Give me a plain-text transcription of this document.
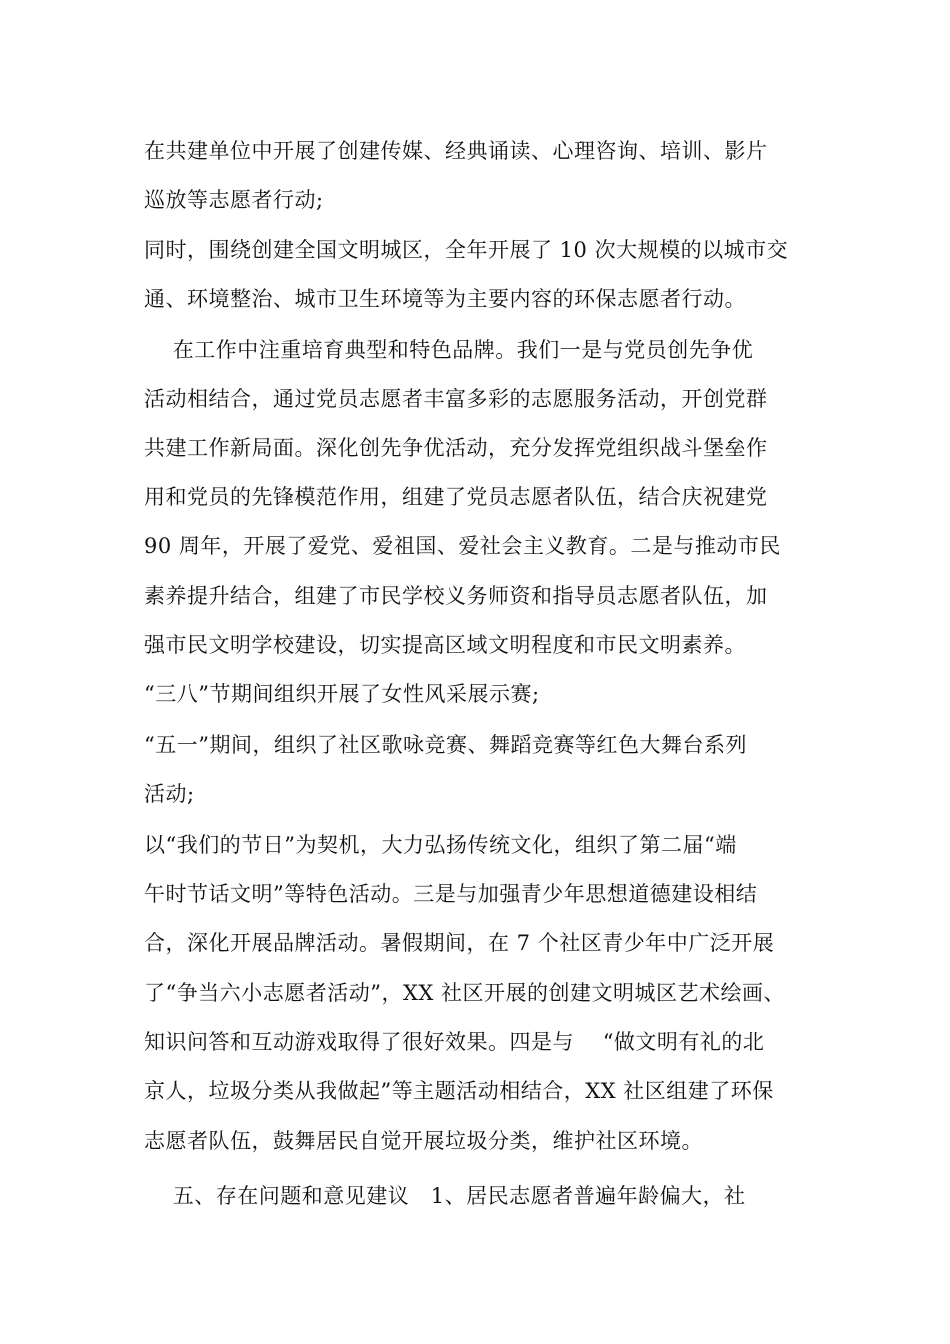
在共建单位中开展了创建传媒、经典诵读、心理咨询、培训、影片
巡放等志愿者行动;
同时，围绕创建全国文明城区，全年开展了 10 次大规模的以城市交
通、环境整治、城市卫生环境等为主要内容的环保志愿者行动。
在工作中注重培育典型和特色品牌。我们一是与党员创先争优
活动相结合，通过党员志愿者丰富多彩的志愿服务活动，开创党群
共建工作新局面。深化创先争优活动，充分发挥党组织战斗堡垒作
用和党员的先锋模范作用，组建了党员志愿者队伍，结合庆祝建党
90 周年，开展了爱党、爱祖国、爱社会主义教育。二是与推动市民
素养提升结合，组建了市民学校义务师资和指导员志愿者队伍，加
强市民文明学校建设，切实提高区域文明程度和市民文明素养。
“三八”节期间组织开展了女性风采展示赛;
“五一”期间，组织了社区歌咏竞赛、舞蹈竞赛等红色大舞台系列
活动;
以“我们的节日”为契机，大力弘扬传统文化，组织了第二届“端
午时节话文明”等特色活动。三是与加强青少年思想道德建设相结
合，深化开展品牌活动。暑假期间，在 7 个社区青少年中广泛开展
了“争当六小志愿者活动”，XX 社区开展的创建文明城区艺术绘画、
知识问答和互动游戏取得了很好效果。四是与    “做文明有礼的北
京人，垃圾分类从我做起”等主题活动相结合，XX 社区组建了环保
志愿者队伍，鼓舞居民自觉开展垃圾分类，维护社区环境。
五、存在问题和意见建议   1、居民志愿者普遍年龄偏大，社
